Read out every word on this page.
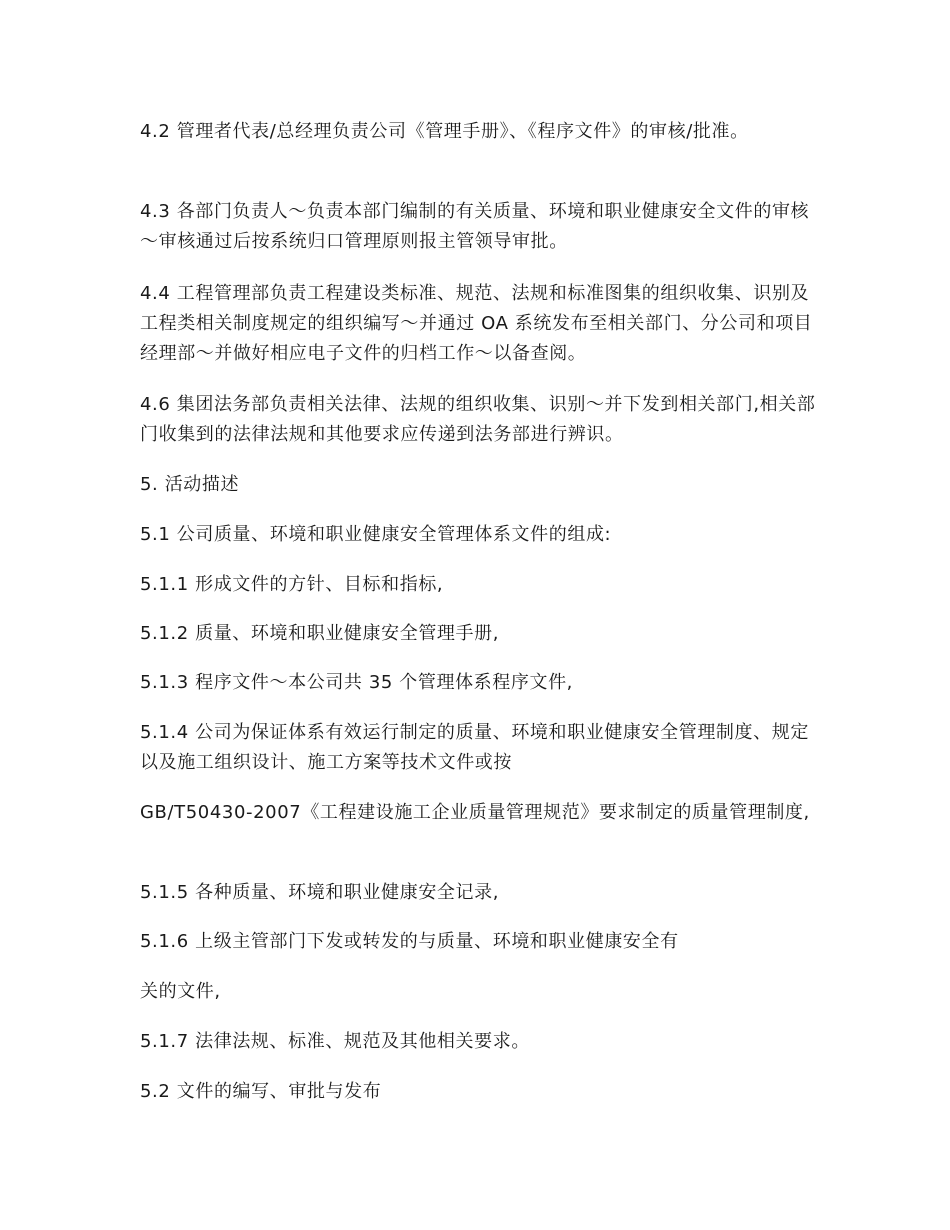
4.2 管理者代表/总经理负责公司《管理手册》、《程序文件》的审核/批准。
4.3 各部门负责人～负责本部门编制的有关质量、环境和职业健康安全文件的审核～审核通过后按系统归口管理原则报主管领导审批。
4.4 工程管理部负责工程建设类标准、规范、法规和标准图集的组织收集、识别及工程类相关制度规定的组织编写～并通过 OA 系统发布至相关部门、分公司和项目经理部～并做好相应电子文件的归档工作～以备查阅。
4.6 集团法务部负责相关法律、法规的组织收集、识别～并下发到相关部门,相关部门收集到的法律法规和其他要求应传递到法务部进行辨识。
5. 活动描述
5.1 公司质量、环境和职业健康安全管理体系文件的组成:
5.1.1 形成文件的方针、目标和指标,
5.1.2 质量、环境和职业健康安全管理手册,
5.1.3 程序文件～本公司共 35 个管理体系程序文件,
5.1.4 公司为保证体系有效运行制定的质量、环境和职业健康安全管理制度、规定以及施工组织设计、施工方案等技术文件或按
GB/T50430-2007《工程建设施工企业质量管理规范》要求制定的质量管理制度,
5.1.5 各种质量、环境和职业健康安全记录,
5.1.6 上级主管部门下发或转发的与质量、环境和职业健康安全有
关的文件,
5.1.7 法律法规、标准、规范及其他相关要求。
5.2 文件的编写、审批与发布
